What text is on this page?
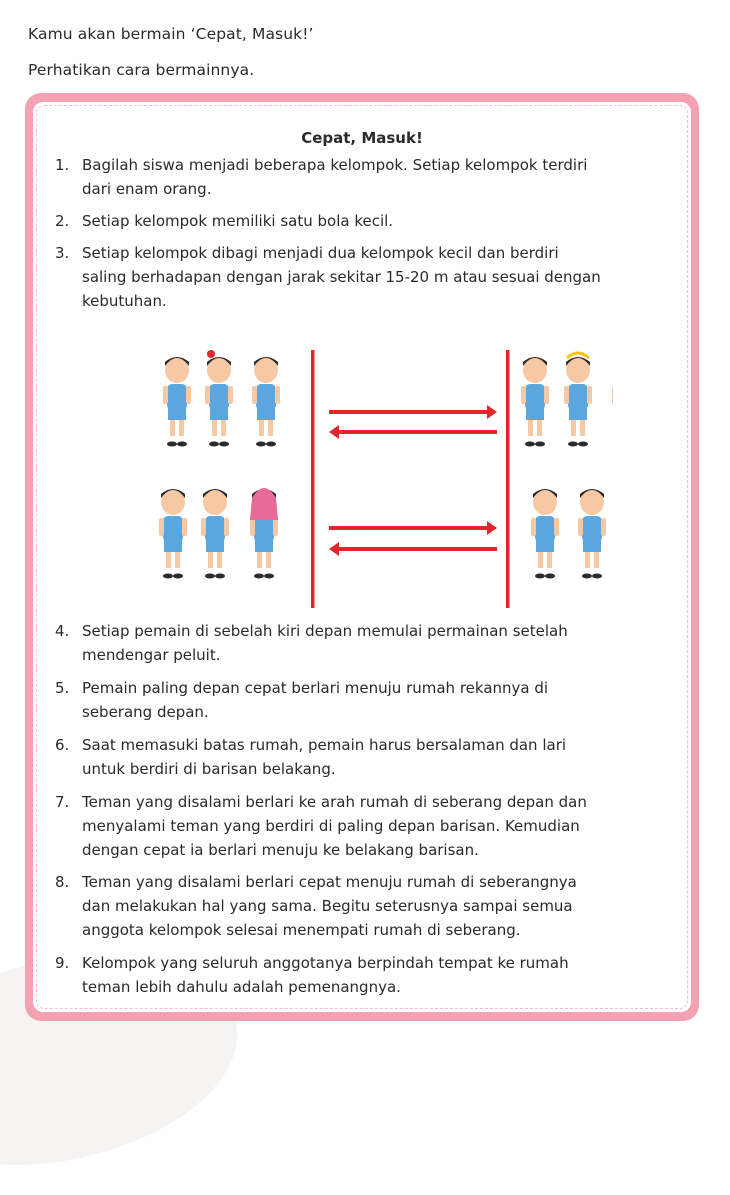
Kamu akan bermain ‘Cepat, Masuk!’
Perhatikan cara bermainnya.
Cepat, Masuk!
1. Bagilah siswa menjadi beberapa kelompok. Setiap kelompok terdiri
dari enam orang.
2. Setiap kelompok memiliki satu bola kecil.
3. Setiap kelompok dibagi menjadi dua kelompok kecil dan berdiri
saling berhadapan dengan jarak sekitar 15-20 m atau sesuai dengan
kebutuhan.
4. Setiap pemain di sebelah kiri depan memulai permainan setelah
mendengar peluit.
5. Pemain paling depan cepat berlari menuju rumah rekannya di
seberang depan.
6. Saat memasuki batas rumah, pemain harus bersalaman dan lari
untuk berdiri di barisan belakang.
7. Teman yang disalami berlari ke arah rumah di seberang depan dan
menyalami teman yang berdiri di paling depan barisan. Kemudian
dengan cepat ia berlari menuju ke belakang barisan.
8. Teman yang disalami berlari cepat menuju rumah di seberangnya
dan melakukan hal yang sama. Begitu seterusnya sampai semua
anggota kelompok selesai menempati rumah di seberang.
9. Kelompok yang seluruh anggotanya berpindah tempat ke rumah
teman lebih dahulu adalah pemenangnya.
